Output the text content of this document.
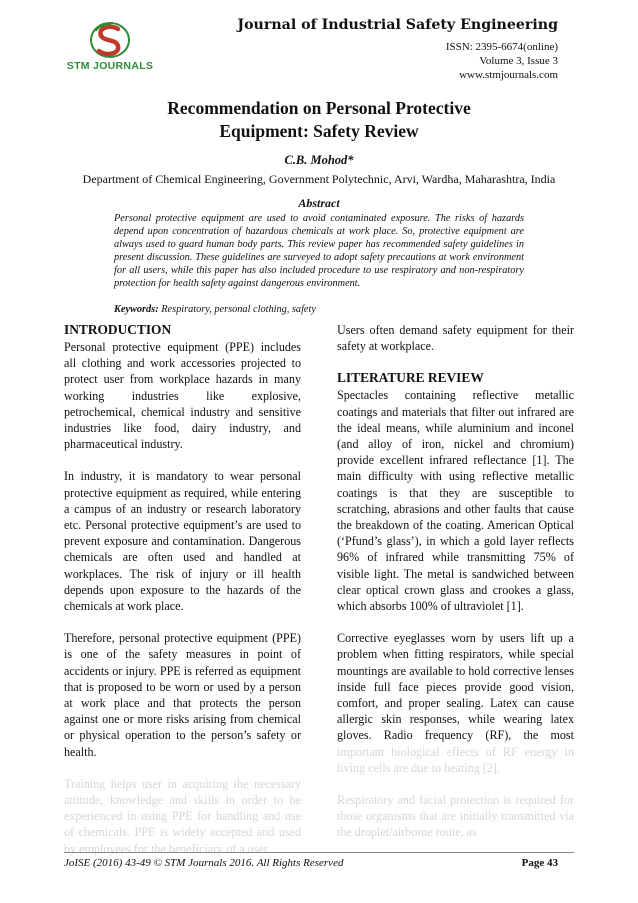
STM JOURNALS
Journal of Industrial Safety Engineering
ISSN: 2395-6674(online)
Volume 3, Issue 3
www.stmjournals.com
Recommendation on Personal Protective
Equipment: Safety Review
C.B. Mohod*
Department of Chemical Engineering, Government Polytechnic, Arvi, Wardha, Maharashtra, India
Abstract
Personal protective equipment are used to avoid contaminated exposure. The risks of hazards depend upon concentration of hazardous chemicals at work place. So, protective equipment are always used to guard human body parts. This review paper has recommended safety guidelines in present discussion. These guidelines are surveyed to adopt safety precautions at work environment for all users, while this paper has also included procedure to use respiratory and non-respiratory protection for health safety against dangerous environment.
Keywords: Respiratory, personal clothing, safety
INTRODUCTION

Personal protective equipment (PPE) includes all clothing and work accessories projected to protect user from workplace hazards in many working industries like explosive, petrochemical, chemical industry and sensitive industries like food, dairy industry, and pharmaceutical industry.

In industry, it is mandatory to wear personal protective equipment as required, while entering a campus of an industry or research laboratory etc. Personal protective equipment’s are used to prevent exposure and contamination. Dangerous chemicals are often used and handled at workplaces. The risk of injury or ill health depends upon exposure to the hazards of the chemicals at work place.

Therefore, personal protective equipment (PPE) is one of the safety measures in point of accidents or injury. PPE is referred as equipment that is proposed to be worn or used by a person at work place and that protects the person against one or more risks arising from chemical or physical operation to the person’s safety or health.

Training helps user in acquiring the necessary attitude, knowledge and skills in order to be experienced in using PPE for handling and use of chemicals. PPE is widely accepted and used by employees for the beneficiary of a user.

Users often demand safety equipment for their safety at workplace.

LITERATURE REVIEW

Spectacles containing reflective metallic coatings and materials that filter out infrared are the ideal means, while aluminium and inconel (and alloy of iron, nickel and chromium) provide excellent infrared reflectance [1]. The main difficulty with using reflective metallic coatings is that they are susceptible to scratching, abrasions and other faults that cause the breakdown of the coating. American Optical (‘Pfund’s glass’), in which a gold layer reflects 96% of infrared while transmitting 75% of visible light. The metal is sandwiched between clear optical crown glass and crookes a glass, which absorbs 100% of ultraviolet [1].

Corrective eyeglasses worn by users lift up a problem when fitting respirators, while special mountings are available to hold corrective lenses inside full face pieces provide good vision, comfort, and proper sealing. Latex can cause allergic skin responses, while wearing latex gloves. Radio frequency (RF), the most important biological effects of RF energy in living cells are due to heating [2].

Respiratory and facial protection is required for those organisms that are initially transmitted via the droplet/airborne route, as

JoISE (2016) 43-49 © STM Journals 2016. All Rights Reserved	Page 43
